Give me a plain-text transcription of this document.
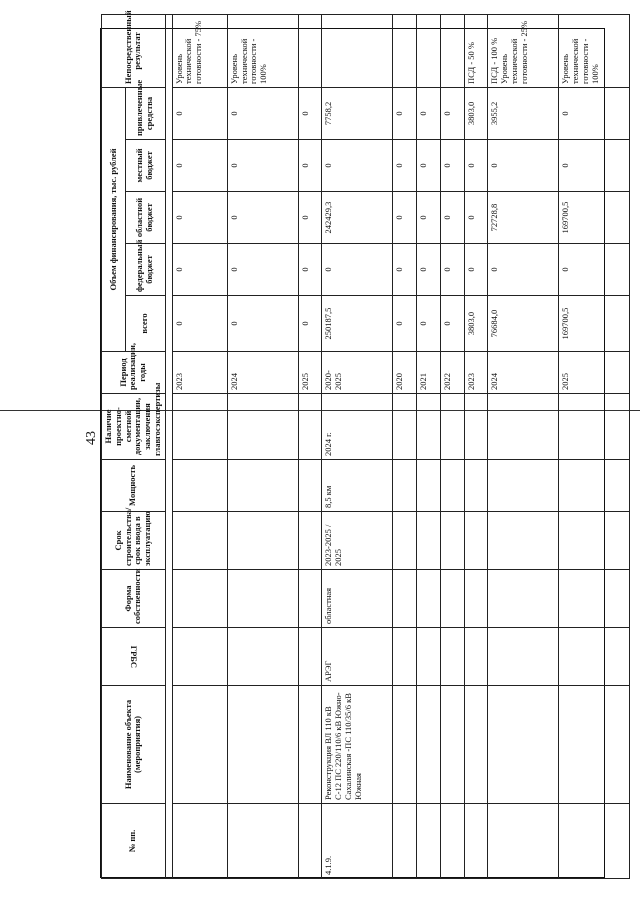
43
№ пп.	Наименование объекта (мероприятия)	ГРБС	Форма собственности	Срок строительства/срок ввода в эксплуатацию	Мощность	Наличие проектно-сметной документации, заключения главгосэкспертизы	Период реализации, годы	Объем финансирования, тыс. рублей					Непосредственный результат
								всего	федеральный бюджет	областной бюджет	местный бюджет	привлеченные средства	

							2023	0	0	0	0	0	Уровень технической готовности - 75%
							2024	0	0	0	0	0	Уровень технической готовности - 100%
							2025	0	0	0	0	0	
4.1.9.	Реконструкция ВЛ 110 кВ С-12 ПС 220/110/6 кВ Южно-Сахалинская -ПС 110/35/6 кВ Южная	АРЭГ	областная	2023-2025 / 2025	8,5 км	2024 г.	2020-2025	250187,5	0	242429,3	0	7758,2	
							2020	0	0	0	0	0	
							2021	0	0	0	0	0	
							2022	0	0	0	0	0	
							2023	3803,0	0	0	0	3803,0	ПСД - 50 %
							2024	76684,0	0	72728,8	0	3955,2	ПСД - 100 % Уровень технической готовности - 25%
							2025	169700,5	0	169700,5	0	0	Уровень технической готовности - 100%
